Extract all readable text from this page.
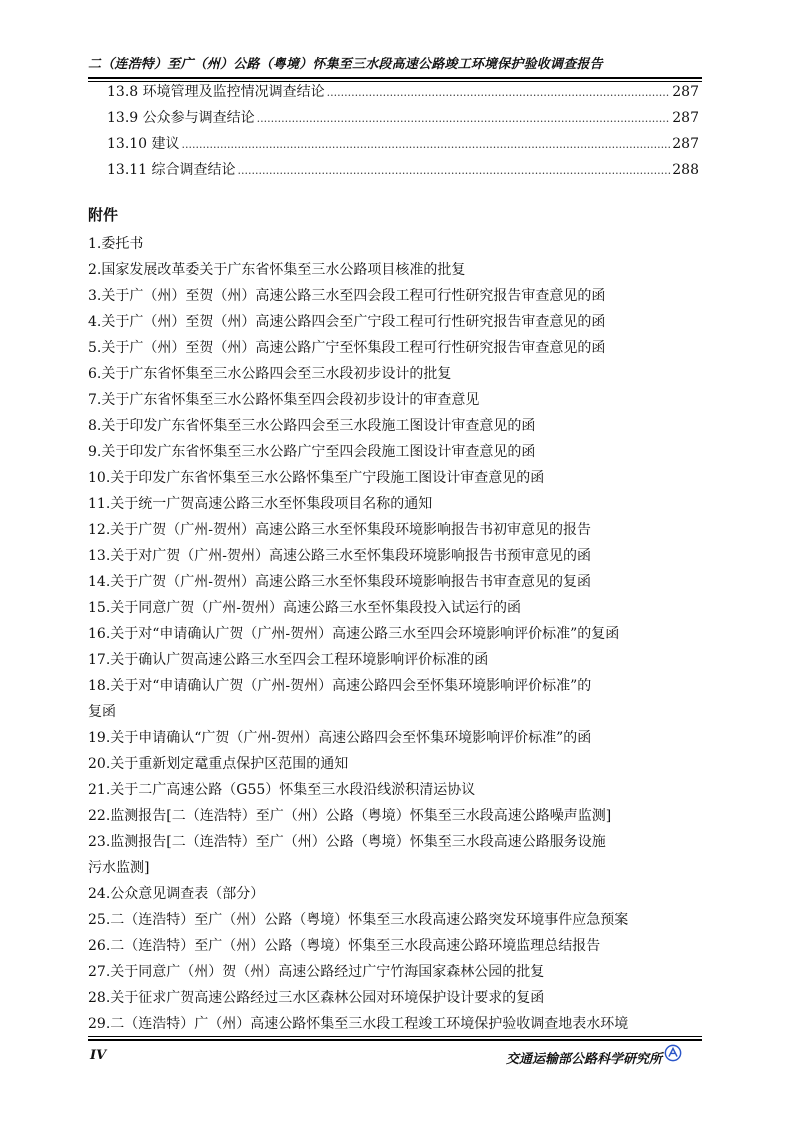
二（连浩特）至广（州）公路（粤境）怀集至三水段高速公路竣工环境保护验收调查报告
13.8 环境管理及监控情况调查结论 .....	287
13.9 公众参与调查结论 .....	287
13.10 建议 .....	287
13.11 综合调查结论 .....	288
附件
1.委托书
2.国家发展改革委关于广东省怀集至三水公路项目核准的批复
3.关于广（州）至贺（州）高速公路三水至四会段工程可行性研究报告审查意见的函
4.关于广（州）至贺（州）高速公路四会至广宁段工程可行性研究报告审查意见的函
5.关于广（州）至贺（州）高速公路广宁至怀集段工程可行性研究报告审查意见的函
6.关于广东省怀集至三水公路四会至三水段初步设计的批复
7.关于广东省怀集至三水公路怀集至四会段初步设计的审查意见
8.关于印发广东省怀集至三水公路四会至三水段施工图设计审查意见的函
9.关于印发广东省怀集至三水公路广宁至四会段施工图设计审查意见的函
10.关于印发广东省怀集至三水公路怀集至广宁段施工图设计审查意见的函
11.关于统一广贺高速公路三水至怀集段项目名称的通知
12.关于广贺（广州-贺州）高速公路三水至怀集段环境影响报告书初审意见的报告
13.关于对广贺（广州-贺州）高速公路三水至怀集段环境影响报告书预审意见的函
14.关于广贺（广州-贺州）高速公路三水至怀集段环境影响报告书审查意见的复函
15.关于同意广贺（广州-贺州）高速公路三水至怀集段投入试运行的函
16.关于对“申请确认广贺（广州-贺州）高速公路三水至四会环境影响评价标准”的复函
17.关于确认广贺高速公路三水至四会工程环境影响评价标准的函
18.关于对“申请确认广贺（广州-贺州）高速公路四会至怀集环境影响评价标准”的
复函
19.关于申请确认“广贺（广州-贺州）高速公路四会至怀集环境影响评价标准”的函
20.关于重新划定鼋重点保护区范围的通知
21.关于二广高速公路（G55）怀集至三水段沿线淤积清运协议
22.监测报告[二（连浩特）至广（州）公路（粤境）怀集至三水段高速公路噪声监测]
23.监测报告[二（连浩特）至广（州）公路（粤境）怀集至三水段高速公路服务设施
污水监测]
24.公众意见调查表（部分）
25.二（连浩特）至广（州）公路（粤境）怀集至三水段高速公路突发环境事件应急预案
26.二（连浩特）至广（州）公路（粤境）怀集至三水段高速公路环境监理总结报告
27.关于同意广（州）贺（州）高速公路经过广宁竹海国家森林公园的批复
28.关于征求广贺高速公路经过三水区森林公园对环境保护设计要求的复函
29.二（连浩特）广（州）高速公路怀集至三水段工程竣工环境保护验收调查地表水环境
IV	交通运输部公路科学研究所
